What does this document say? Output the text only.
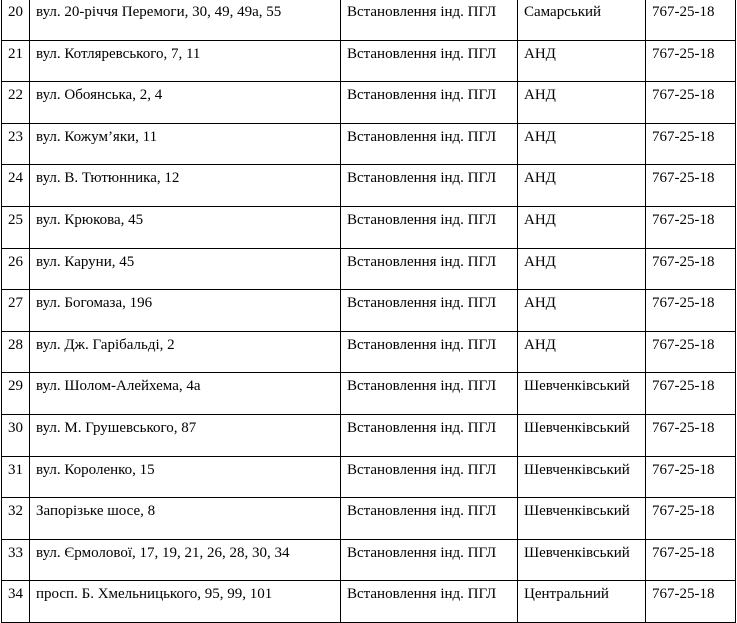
20	вул. 20-річчя Перемоги, 30, 49, 49а, 55	Встановлення інд. ПГЛ	Самарський	767-25-18

21	вул. Котляревського, 7, 11	Встановлення інд. ПГЛ	АНД	767-25-18

22	вул. Обоянська, 2, 4	Встановлення інд. ПГЛ	АНД	767-25-18

23	вул. Кожум’яки, 11	Встановлення інд. ПГЛ	АНД	767-25-18

24	вул. В. Тютюнника, 12	Встановлення інд. ПГЛ	АНД	767-25-18

25	вул. Крюкова, 45	Встановлення інд. ПГЛ	АНД	767-25-18

26	вул. Каруни, 45	Встановлення інд. ПГЛ	АНД	767-25-18

27	вул. Богомаза, 196	Встановлення інд. ПГЛ	АНД	767-25-18

28	вул. Дж. Гарібальді, 2	Встановлення інд. ПГЛ	АНД	767-25-18

29	вул. Шолом-Алейхема, 4а	Встановлення інд. ПГЛ	Шевченківський	767-25-18

30	вул. М. Грушевського, 87	Встановлення інд. ПГЛ	Шевченківський	767-25-18

31	вул. Короленко, 15	Встановлення інд. ПГЛ	Шевченківський	767-25-18

32	Запорізьке шосе, 8	Встановлення інд. ПГЛ	Шевченківський	767-25-18

33	вул. Єрмолової, 17, 19, 21, 26, 28, 30, 34	Встановлення інд. ПГЛ	Шевченківський	767-25-18

34	просп. Б. Хмельницького, 95, 99, 101	Встановлення інд. ПГЛ	Центральний	767-25-18
